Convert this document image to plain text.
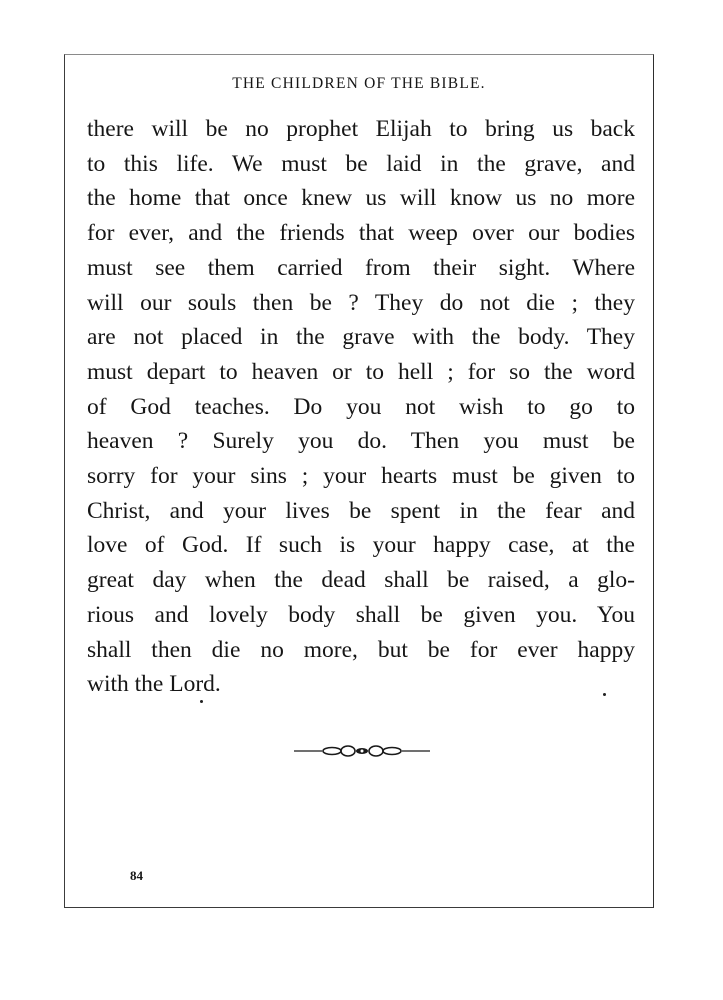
THE CHILDREN OF THE BIBLE.
there will be no prophet Elijah to bring us back
to this life. We must be laid in the grave, and
the home that once knew us will know us no more
for ever, and the friends that weep over our bodies
must see them carried from their sight. Where
will our souls then be ? They do not die ; they
are not placed in the grave with the body. They
must depart to heaven or to hell ; for so the word
of God teaches. Do you not wish to go to
heaven ? Surely you do. Then you must be
sorry for your sins ; your hearts must be given to
Christ, and your lives be spent in the fear and
love of God. If such is your happy case, at the
great day when the dead shall be raised, a glo-
rious and lovely body shall be given you. You
shall then die no more, but be for ever happy
with the Lord.
84
